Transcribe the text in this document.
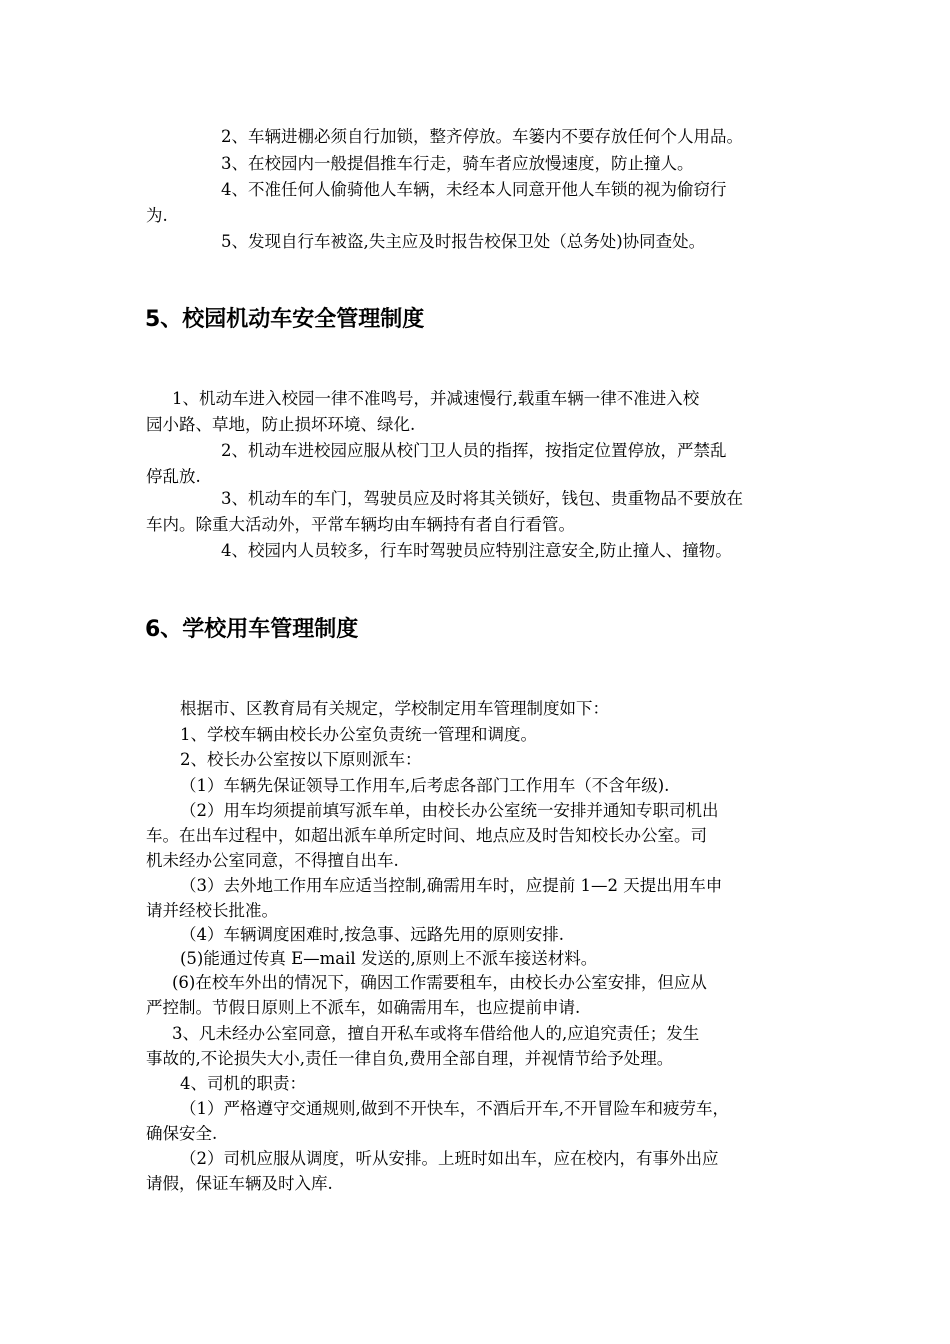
2、车辆进棚必须自行加锁，整齐停放。车篓内不要存放任何个人用品。
3、在校园内一般提倡推车行走，骑车者应放慢速度，防止撞人。
4、不准任何人偷骑他人车辆，未经本人同意开他人车锁的视为偷窃行
为.
5、发现自行车被盗,失主应及时报告校保卫处（总务处)协同查处。
5、校园机动车安全管理制度
1、机动车进入校园一律不准鸣号，并减速慢行,载重车辆一律不准进入校
园小路、草地，防止损坏环境、绿化.
2、机动车进校园应服从校门卫人员的指挥，按指定位置停放，严禁乱
停乱放.
3、机动车的车门，驾驶员应及时将其关锁好，钱包、贵重物品不要放在
车内。除重大活动外，平常车辆均由车辆持有者自行看管。
4、校园内人员较多，行车时驾驶员应特别注意安全,防止撞人、撞物。
6、学校用车管理制度
根据市、区教育局有关规定，学校制定用车管理制度如下：
1、学校车辆由校长办公室负责统一管理和调度。
2、校长办公室按以下原则派车：
（1）车辆先保证领导工作用车,后考虑各部门工作用车（不含年级).
（2）用车均须提前填写派车单，由校长办公室统一安排并通知专职司机出
车。在出车过程中，如超出派车单所定时间、地点应及时告知校长办公室。司
机未经办公室同意，不得擅自出车.
（3）去外地工作用车应适当控制,确需用车时，应提前 1—2 天提出用车申
请并经校长批准。
（4）车辆调度困难时,按急事、远路先用的原则安排.
(5)能通过传真 E—mail 发送的,原则上不派车接送材料。
(6)在校车外出的情况下，确因工作需要租车，由校长办公室安排，但应从
严控制。节假日原则上不派车，如确需用车，也应提前申请.
3、凡未经办公室同意，擅自开私车或将车借给他人的,应追究责任；发生
事故的,不论损失大小,责任一律自负,费用全部自理，并视情节给予处理。
4、司机的职责：
（1）严格遵守交通规则,做到不开快车，不酒后开车,不开冒险车和疲劳车，
确保安全.
（2）司机应服从调度，听从安排。上班时如出车，应在校内，有事外出应
请假，保证车辆及时入库.
